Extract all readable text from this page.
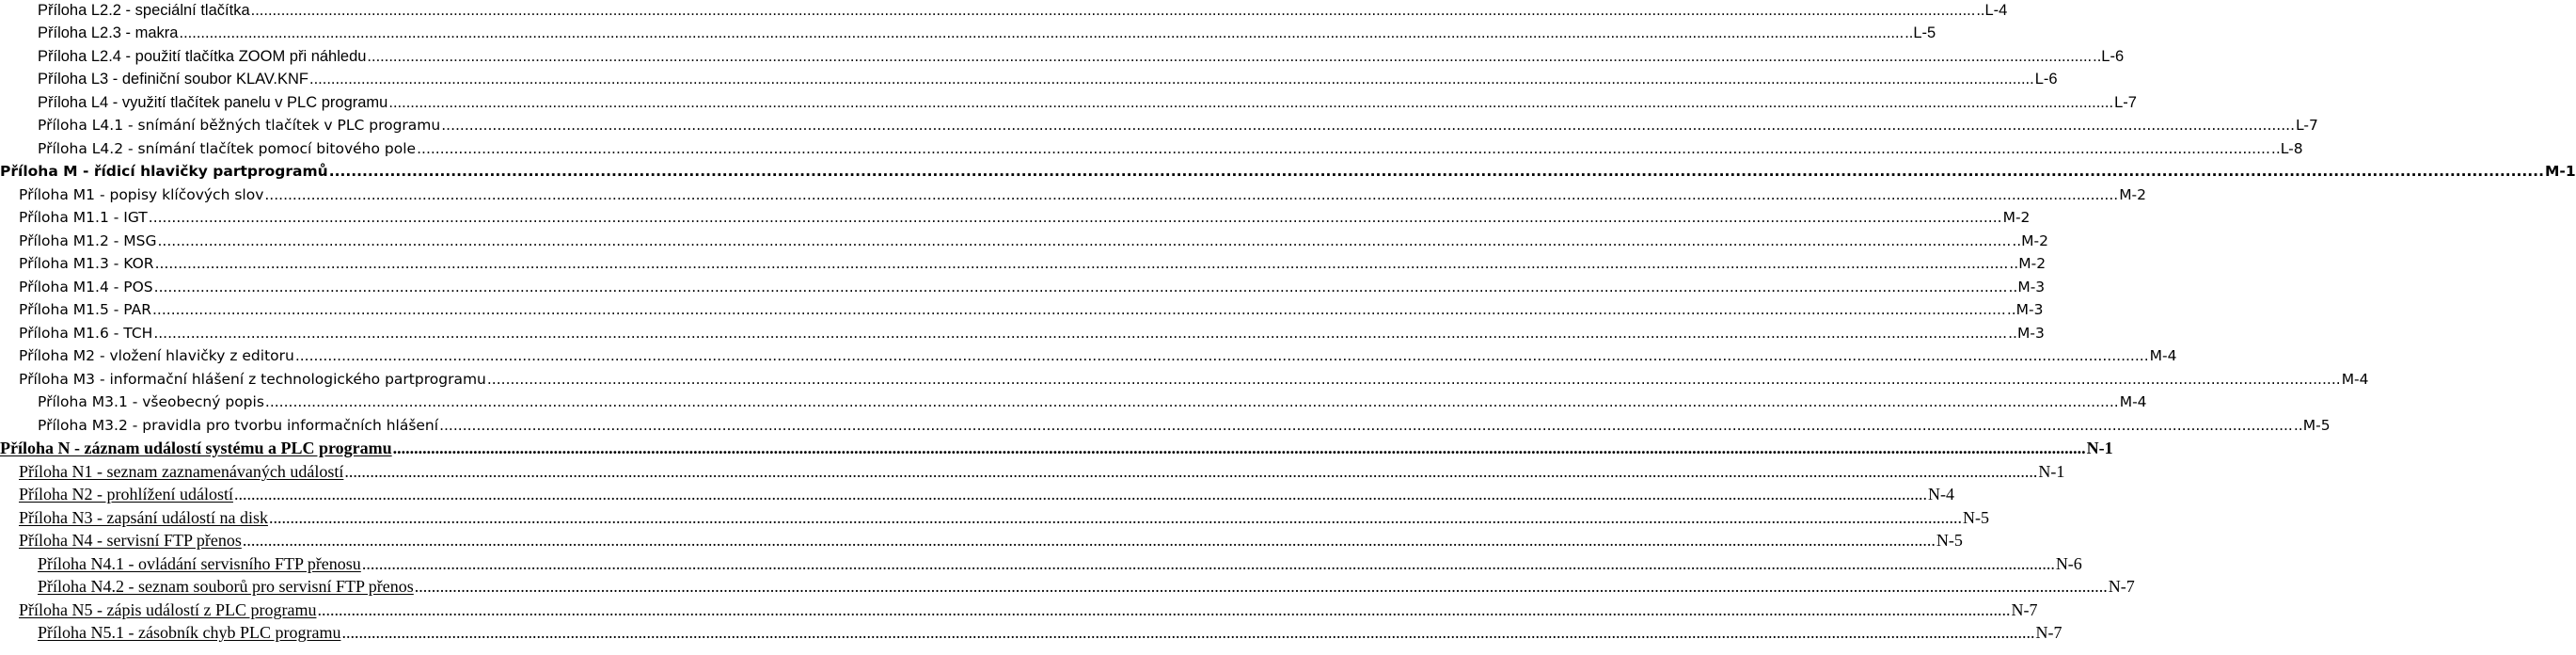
Příloha L2.2 - speciální tlačítka ................................................................................................................................................................................................................................................................................................................................................................................................................ ..L-4
Příloha L2.3 - makra ................................................................................................................................................................................................................................................................................................................................................................................................................ ..L-5
Příloha L2.4 - použití tlačítka ZOOM při náhledu ................................................................................................................................................................................................................................................................................................................................................................................................................ ..L-6
Příloha L3 - definiční soubor KLAV.KNF ................................................................................................................................................................................................................................................................................................................................................................................................................ L-6
Příloha L4 - využití tlačítek panelu v PLC programu ................................................................................................................................................................................................................................................................................................................................................................................................................ L-7
Příloha L4.1 - snímání běžných tlačítek v PLC programu ................................................................................................................................................................................................................................................................................................................................................................................................................ L-7
Příloha L4.2 - snímání tlačítek pomocí bitového pole ................................................................................................................................................................................................................................................................................................................................................................................................................ ..L-8
Příloha M - řídicí hlavičky partprogramů ................................................................................................................................................................................................................................................................................................................................................................................................................ M-1
Příloha M1 - popisy klíčových slov ................................................................................................................................................................................................................................................................................................................................................................................................................ M-2
Příloha M1.1 - IGT ................................................................................................................................................................................................................................................................................................................................................................................................................ M-2
Příloha M1.2 - MSG ................................................................................................................................................................................................................................................................................................................................................................................................................ ..M-2
Příloha M1.3 - KOR ................................................................................................................................................................................................................................................................................................................................................................................................................ ..M-2
Příloha M1.4 - POS ................................................................................................................................................................................................................................................................................................................................................................................................................ ..M-3
Příloha M1.5 - PAR ................................................................................................................................................................................................................................................................................................................................................................................................................ ..M-3
Příloha M1.6 - TCH ................................................................................................................................................................................................................................................................................................................................................................................................................ ..M-3
Příloha M2 - vložení hlavičky z editoru ................................................................................................................................................................................................................................................................................................................................................................................................................ M-4
Příloha M3 - informační hlášení z technologického partprogramu ................................................................................................................................................................................................................................................................................................................................................................................................................ M-4
Příloha M3.1 - všeobecný popis ................................................................................................................................................................................................................................................................................................................................................................................................................ M-4
Příloha M3.2 - pravidla pro tvorbu informačních hlášení ................................................................................................................................................................................................................................................................................................................................................................................................................ ..M-5
Příloha N - záznam událostí systému a PLC programu ................................................................................................................................................................................................................................................................................................................................................................................................................ N-1
Příloha N1 - seznam zaznamenávaných událostí ................................................................................................................................................................................................................................................................................................................................................................................................................ N-1
Příloha N2 - prohlížení událostí ................................................................................................................................................................................................................................................................................................................................................................................................................ N-4
Příloha N3 - zapsání událostí na disk ................................................................................................................................................................................................................................................................................................................................................................................................................ N-5
Příloha N4 - servisní FTP přenos ................................................................................................................................................................................................................................................................................................................................................................................................................ N-5
Příloha N4.1 - ovládání servisního FTP přenosu ................................................................................................................................................................................................................................................................................................................................................................................................................ N-6
Příloha N4.2 - seznam souborů pro servisní FTP přenos ................................................................................................................................................................................................................................................................................................................................................................................................................ N-7
Příloha N5 - zápis událostí z PLC programu ................................................................................................................................................................................................................................................................................................................................................................................................................ N-7
Příloha N5.1 - zásobník chyb PLC programu ................................................................................................................................................................................................................................................................................................................................................................................................................ N-7
